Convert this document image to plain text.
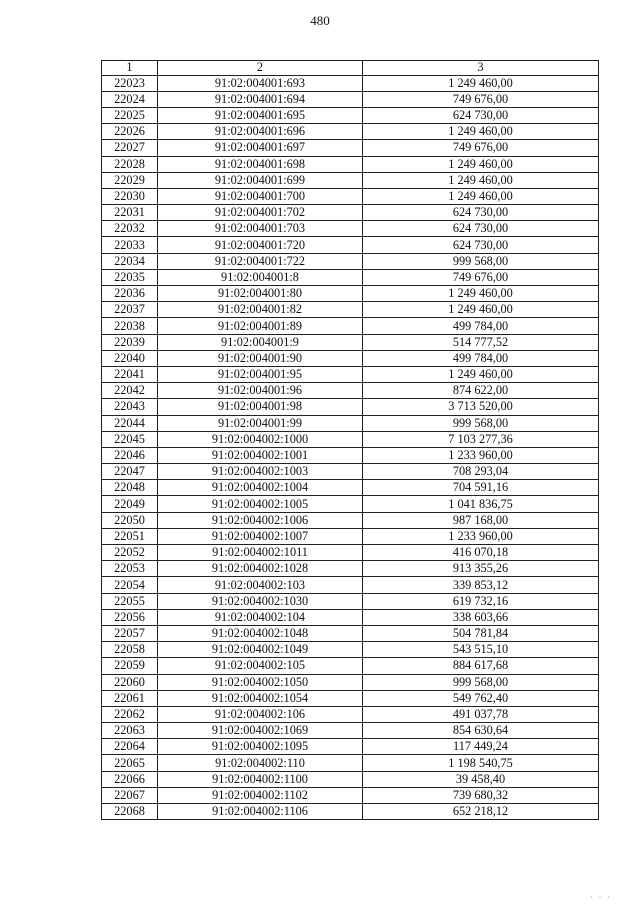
480
1	2	3
22023	91:02:004001:693	1 249 460,00
22024	91:02:004001:694	749 676,00
22025	91:02:004001:695	624 730,00
22026	91:02:004001:696	1 249 460,00
22027	91:02:004001:697	749 676,00
22028	91:02:004001:698	1 249 460,00
22029	91:02:004001:699	1 249 460,00
22030	91:02:004001:700	1 249 460,00
22031	91:02:004001:702	624 730,00
22032	91:02:004001:703	624 730,00
22033	91:02:004001:720	624 730,00
22034	91:02:004001:722	999 568,00
22035	91:02:004001:8	749 676,00
22036	91:02:004001:80	1 249 460,00
22037	91:02:004001:82	1 249 460,00
22038	91:02:004001:89	499 784,00
22039	91:02:004001:9	514 777,52
22040	91:02:004001:90	499 784,00
22041	91:02:004001:95	1 249 460,00
22042	91:02:004001:96	874 622,00
22043	91:02:004001:98	3 713 520,00
22044	91:02:004001:99	999 568,00
22045	91:02:004002:1000	7 103 277,36
22046	91:02:004002:1001	1 233 960,00
22047	91:02:004002:1003	708 293,04
22048	91:02:004002:1004	704 591,16
22049	91:02:004002:1005	1 041 836,75
22050	91:02:004002:1006	987 168,00
22051	91:02:004002:1007	1 233 960,00
22052	91:02:004002:1011	416 070,18
22053	91:02:004002:1028	913 355,26
22054	91:02:004002:103	339 853,12
22055	91:02:004002:1030	619 732,16
22056	91:02:004002:104	338 603,66
22057	91:02:004002:1048	504 781,84
22058	91:02:004002:1049	543 515,10
22059	91:02:004002:105	884 617,68
22060	91:02:004002:1050	999 568,00
22061	91:02:004002:1054	549 762,40
22062	91:02:004002:106	491 037,78
22063	91:02:004002:1069	854 630,64
22064	91:02:004002:1095	117 449,24
22065	91:02:004002:110	1 198 540,75
22066	91:02:004002:1100	39 458,40
22067	91:02:004002:1102	739 680,32
22068	91:02:004002:1106	652 218,12
· · ·
